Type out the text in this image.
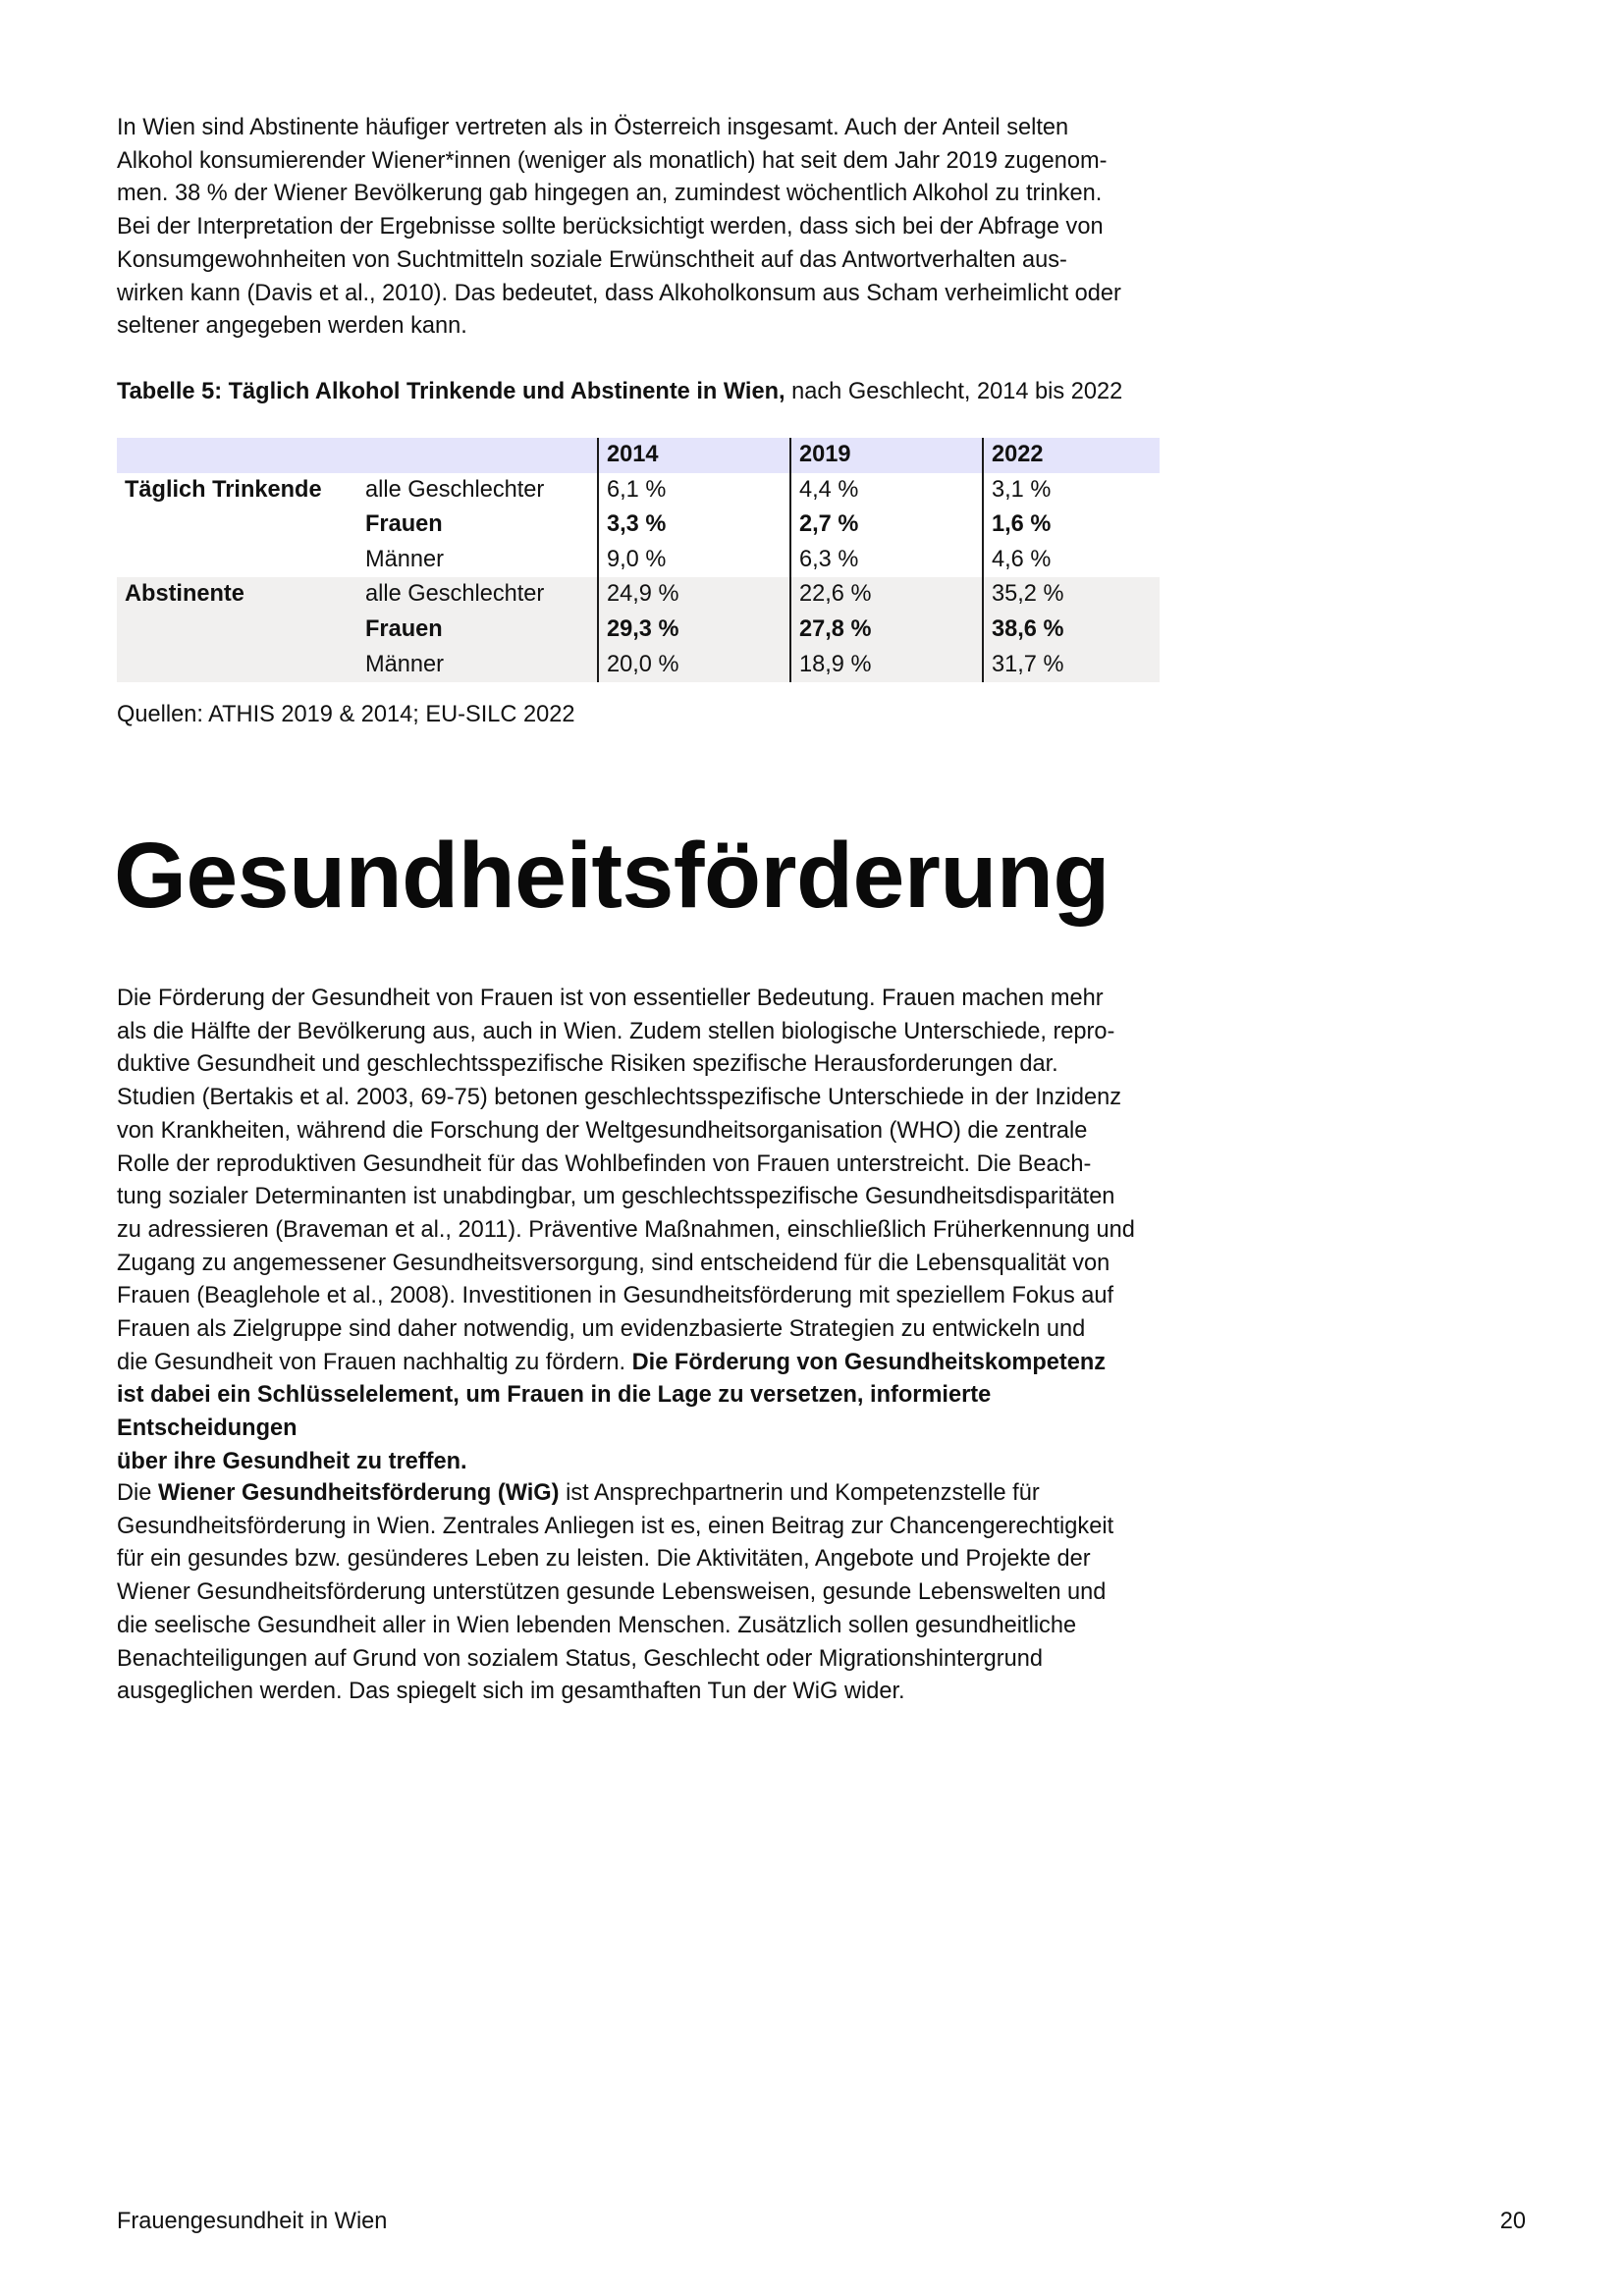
In Wien sind Abstinente häufiger vertreten als in Österreich insgesamt. Auch der Anteil selten
Alkohol konsumierender Wiener*innen (weniger als monatlich) hat seit dem Jahr 2019 zugenom-
men. 38 % der Wiener Bevölkerung gab hingegen an, zumindest wöchentlich Alkohol zu trinken.
Bei der Interpretation der Ergebnisse sollte berücksichtigt werden, dass sich bei der Abfrage von
Konsumgewohnheiten von Suchtmitteln soziale Erwünschtheit auf das Antwortverhalten aus-
wirken kann (Davis et al., 2010). Das bedeutet, dass Alkoholkonsum aus Scham verheimlicht oder
seltener angegeben werden kann.
Tabelle 5: Täglich Alkohol Trinkende und Abstinente in Wien, nach Geschlecht, 2014 bis 2022
		2014	2019	2022
Täglich Trinkende	alle Geschlechter	6,1 %	4,4 %	3,1 %
	Frauen	3,3 %	2,7 %	1,6 %
	Männer	9,0 %	6,3 %	4,6 %
Abstinente	alle Geschlechter	24,9 %	22,6 %	35,2 %
	Frauen	29,3 %	27,8 %	38,6 %
	Männer	20,0 %	18,9 %	31,7 %
Quellen: ATHIS 2019 & 2014; EU-SILC 2022
Gesundheitsförderung
Die Förderung der Gesundheit von Frauen ist von essentieller Bedeutung. Frauen machen mehr
als die Hälfte der Bevölkerung aus, auch in Wien. Zudem stellen biologische Unterschiede, repro-
duktive Gesundheit und geschlechtsspezifische Risiken spezifische Herausforderungen dar.
Studien (Bertakis et al. 2003, 69-75) betonen geschlechtsspezifische Unterschiede in der Inzidenz
von Krankheiten, während die Forschung der Weltgesundheitsorganisation (WHO) die zentrale
Rolle der reproduktiven Gesundheit für das Wohlbefinden von Frauen unterstreicht. Die Beach-
tung sozialer Determinanten ist unabdingbar, um geschlechtsspezifische Gesundheitsdisparitäten
zu adressieren (Braveman et al., 2011). Präventive Maßnahmen, einschließlich Früherkennung und
Zugang zu angemessener Gesundheitsversorgung, sind entscheidend für die Lebensqualität von
Frauen (Beaglehole et al., 2008). Investitionen in Gesundheitsförderung mit speziellem Fokus auf
Frauen als Zielgruppe sind daher notwendig, um evidenzbasierte Strategien zu entwickeln und
die Gesundheit von Frauen nachhaltig zu fördern. Die Förderung von Gesundheitskompetenz
ist dabei ein Schlüsselelement, um Frauen in die Lage zu versetzen, informierte Entscheidungen
über ihre Gesundheit zu treffen.
Die Wiener Gesundheitsförderung (WiG) ist Ansprechpartnerin und Kompetenzstelle für
Gesundheitsförderung in Wien. Zentrales Anliegen ist es, einen Beitrag zur Chancengerechtigkeit
für ein gesundes bzw. gesünderes Leben zu leisten. Die Aktivitäten, Angebote und Projekte der
Wiener Gesundheitsförderung unterstützen gesunde Lebensweisen, gesunde Lebenswelten und
die seelische Gesundheit aller in Wien lebenden Menschen. Zusätzlich sollen gesundheitliche
Benachteiligungen auf Grund von sozialem Status, Geschlecht oder Migrationshintergrund
ausgeglichen werden. Das spiegelt sich im gesamthaften Tun der WiG wider.
Frauengesundheit in Wien	20
